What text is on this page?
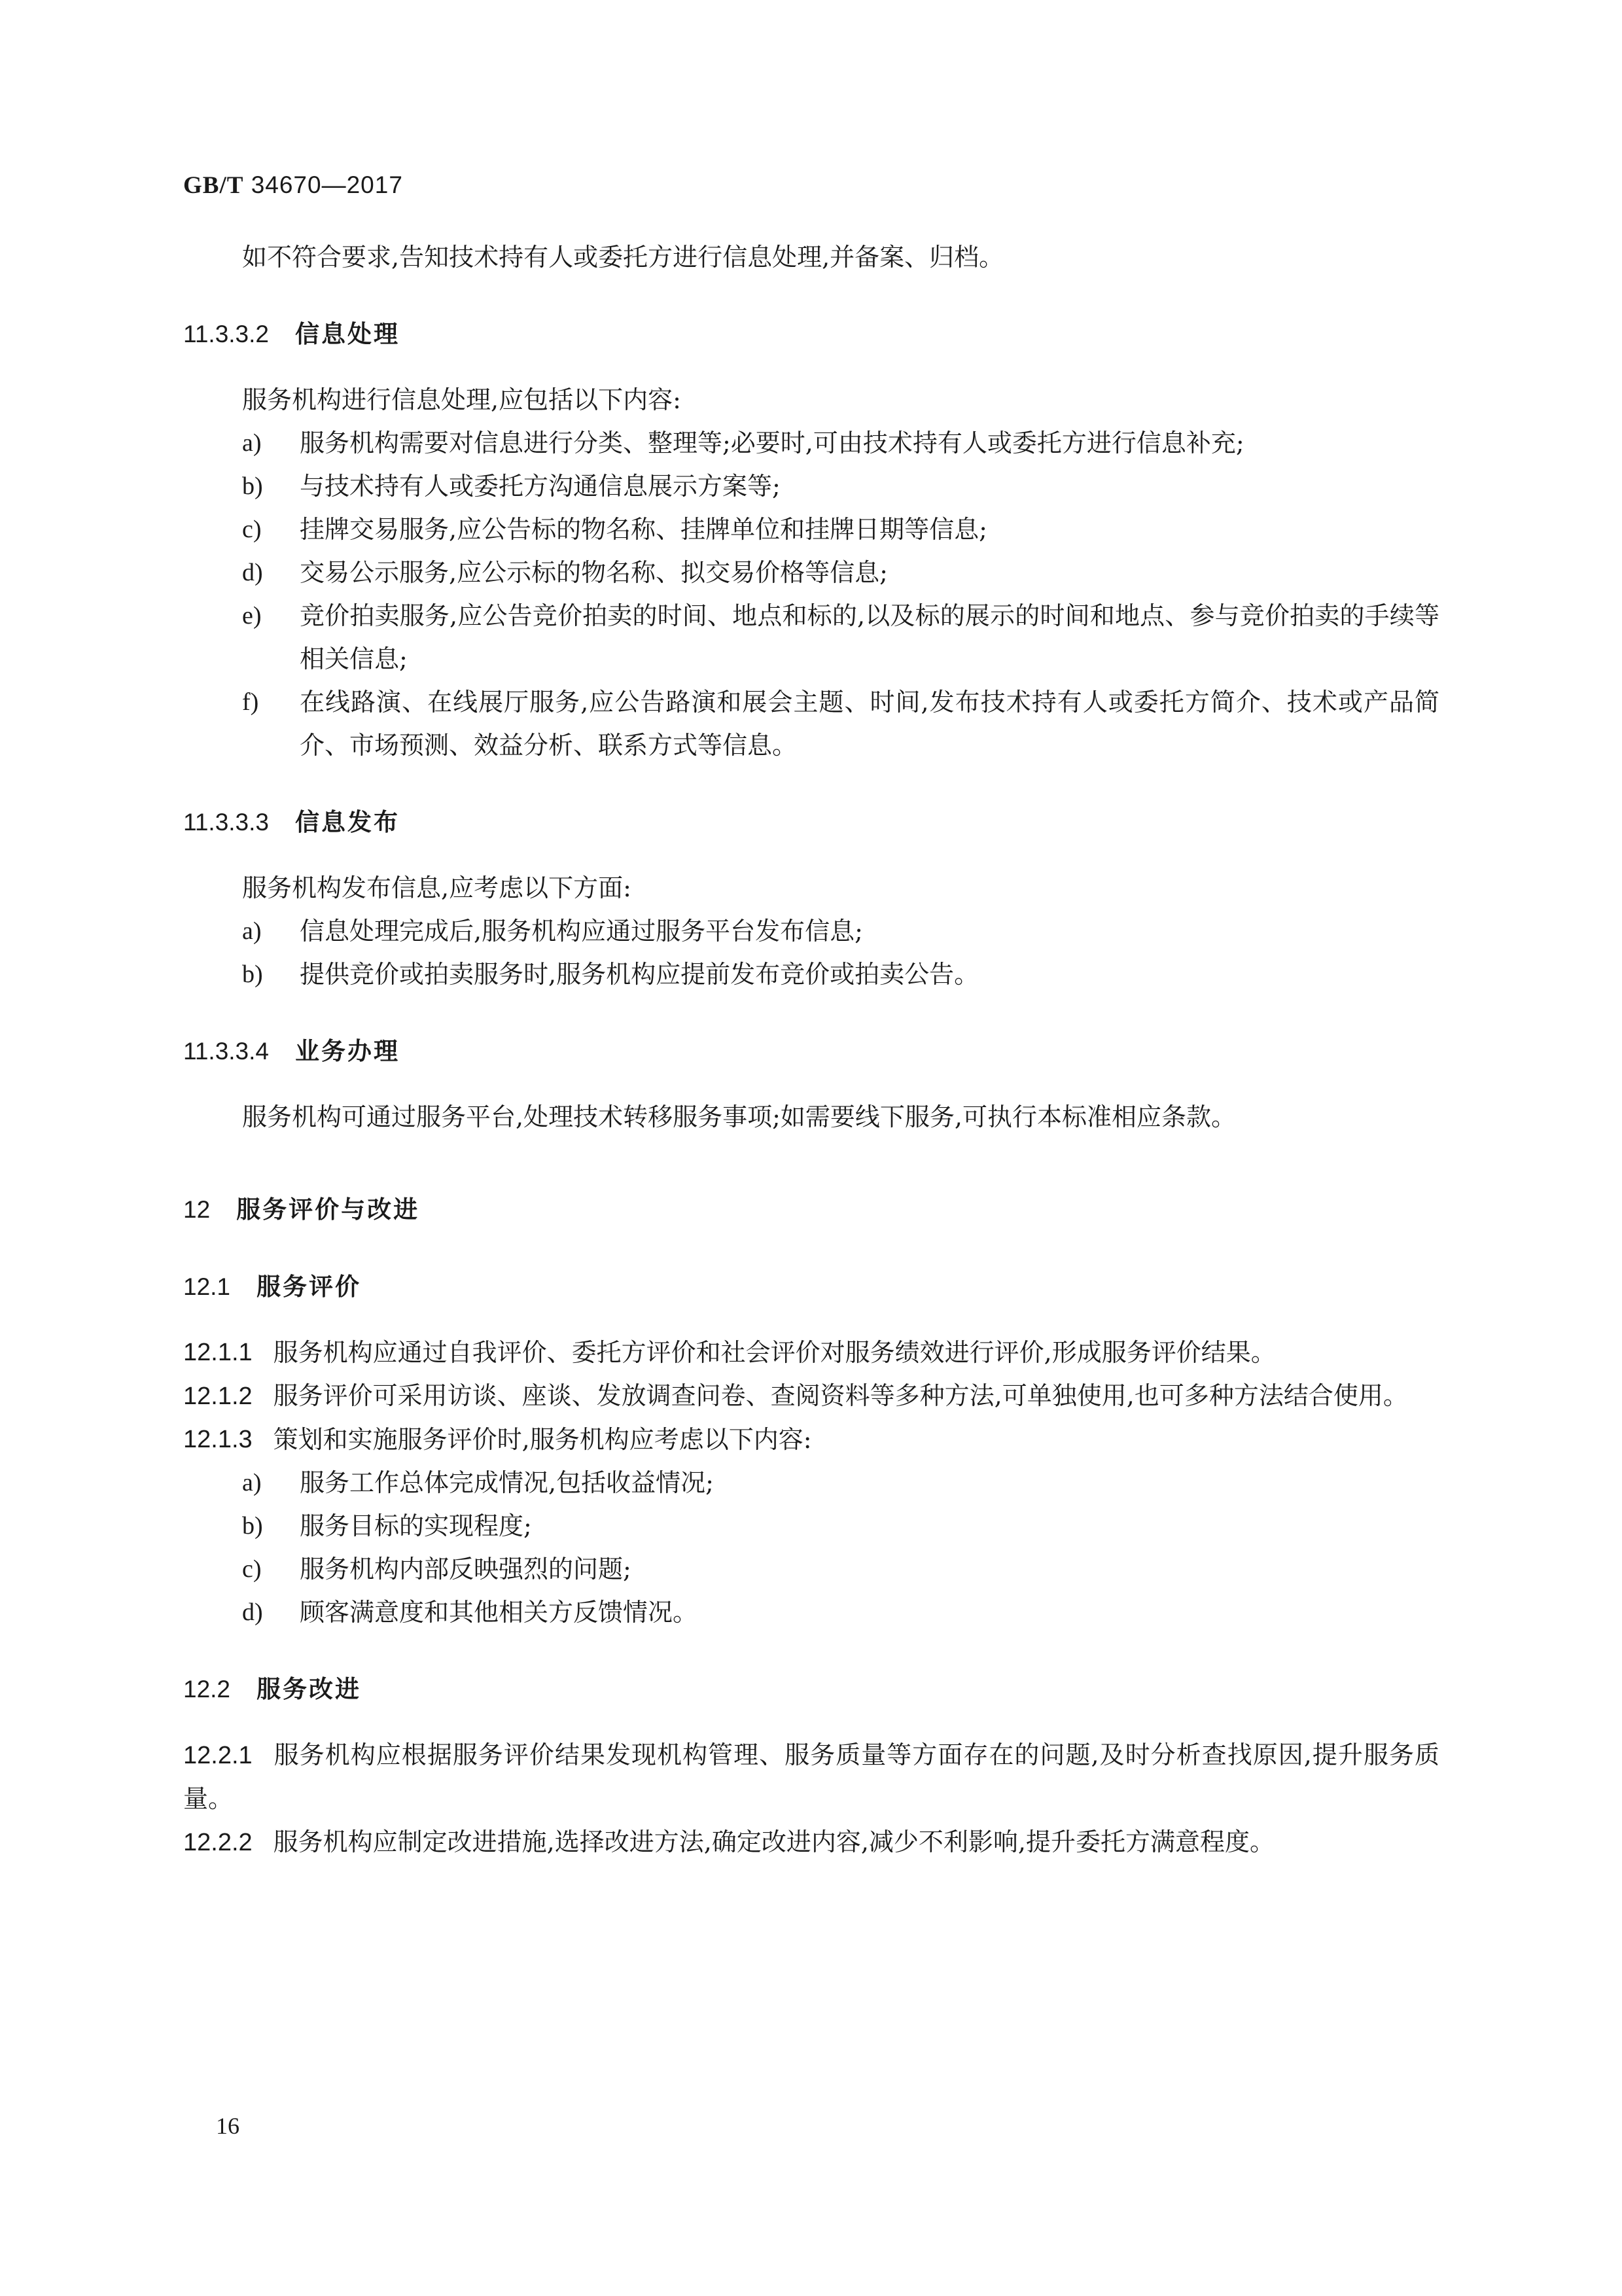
GB/T 34670—2017

如不符合要求,告知技术持有人或委托方进行信息处理,并备案、归档。

11.3.3.2 信息处理

服务机构进行信息处理,应包括以下内容:

a)	服务机构需要对信息进行分类、整理等;必要时,可由技术持有人或委托方进行信息补充;
b)	与技术持有人或委托方沟通信息展示方案等;
c)	挂牌交易服务,应公告标的物名称、挂牌单位和挂牌日期等信息;
d)	交易公示服务,应公示标的物名称、拟交易价格等信息;
e)	竞价拍卖服务,应公告竞价拍卖的时间、地点和标的,以及标的展示的时间和地点、参与竞价拍卖的手续等相关信息;
f)	在线路演、在线展厅服务,应公告路演和展会主题、时间,发布技术持有人或委托方简介、技术或产品简介、市场预测、效益分析、联系方式等信息。
11.3.3.3 信息发布

服务机构发布信息,应考虑以下方面:

a)	信息处理完成后,服务机构应通过服务平台发布信息;
b)	提供竞价或拍卖服务时,服务机构应提前发布竞价或拍卖公告。
11.3.3.4 业务办理

服务机构可通过服务平台,处理技术转移服务事项;如需要线下服务,可执行本标准相应条款。

12 服务评价与改进
12.1 服务评价
12.1.1 服务机构应通过自我评价、委托方评价和社会评价对服务绩效进行评价,形成服务评价结果。
12.1.2 服务评价可采用访谈、座谈、发放调查问卷、查阅资料等多种方法,可单独使用,也可多种方法结合使用。
12.1.3 策划和实施服务评价时,服务机构应考虑以下内容:
a)	服务工作总体完成情况,包括收益情况;
b)	服务目标的实现程度;
c)	服务机构内部反映强烈的问题;
d)	顾客满意度和其他相关方反馈情况。
12.2 服务改进
12.2.1 服务机构应根据服务评价结果发现机构管理、服务质量等方面存在的问题,及时分析查找原因,提升服务质量。
12.2.2 服务机构应制定改进措施,选择改进方法,确定改进内容,减少不利影响,提升委托方满意程度。
16
